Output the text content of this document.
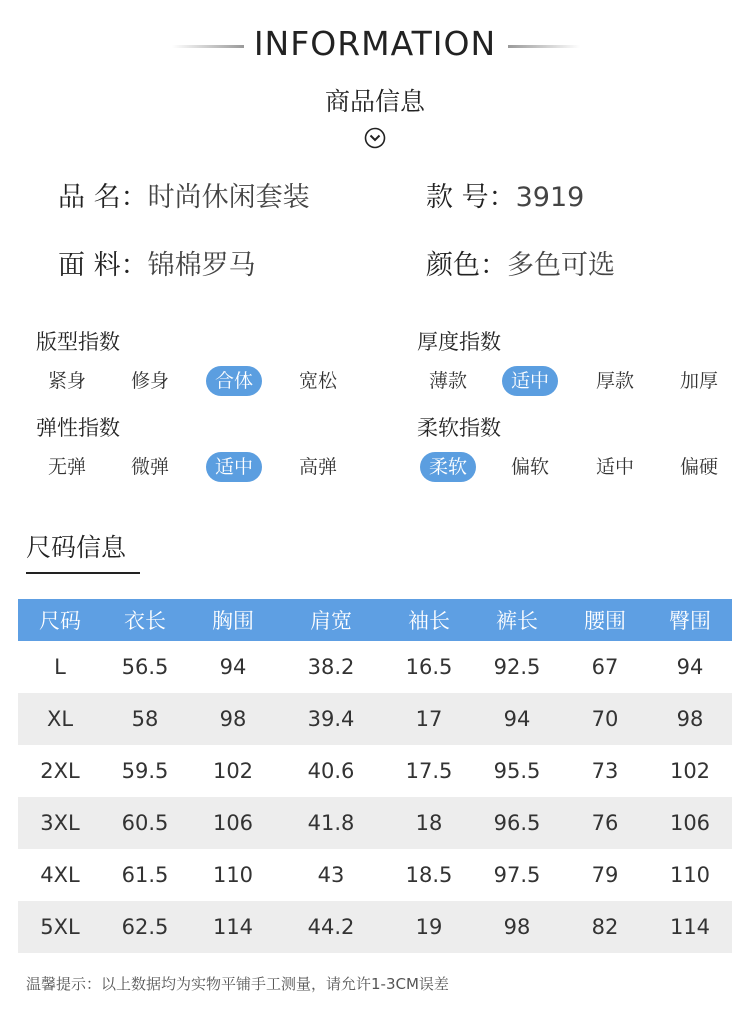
INFORMATION
商品信息
品 名：时尚休闲套装	款 号：3919
面 料：锦棉罗马	颜色：多色可选
版型指数
紧身	修身	合体	宽松
厚度指数
薄款	适中	厚款	加厚
弹性指数
无弹	微弹	适中	高弹
柔软指数
柔软	偏软	适中	偏硬
尺码信息
尺码	衣长	胸围	肩宽	袖长	裤长	腰围	臀围
L	56.5	94	38.2	16.5	92.5	67	94
XL	58	98	39.4	17	94	70	98
2XL	59.5	102	40.6	17.5	95.5	73	102
3XL	60.5	106	41.8	18	96.5	76	106
4XL	61.5	110	43	18.5	97.5	79	110
5XL	62.5	114	44.2	19	98	82	114
温馨提示：以上数据均为实物平铺手工测量，请允许1-3CM误差
